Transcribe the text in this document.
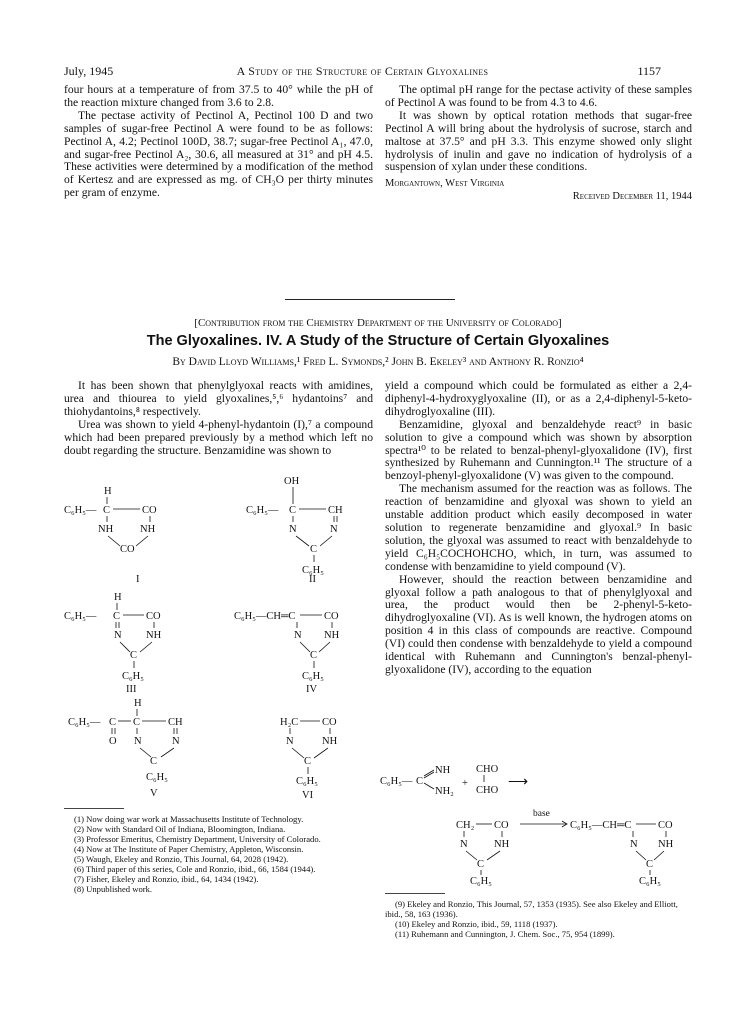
July, 1945	A Study of the Structure of Certain Glyoxalines	1157

four hours at a temperature of from 37.5 to 40° while the pH of the reaction mixture changed from 3.6 to 2.8.

The pectase activity of Pectinol A, Pectinol 100 D and two samples of sugar-free Pectinol A were found to be as follows: Pectinol A, 4.2; Pectinol 100D, 38.7; sugar-free Pectinol A₁, 47.0, and sugar-free Pectinol A₂, 30.6, all measured at 31° and pH 4.5. These activities were determined by a modification of the method of Kertesz and are expressed as mg. of CH₃O per thirty minutes per gram of enzyme.

The optimal pH range for the pectase activity of these samples of Pectinol A was found to be from 4.3 to 4.6.

It was shown by optical rotation methods that sugar-free Pectinol A will bring about the hydrolysis of sucrose, starch and maltose at 37.5° and pH 3.3. This enzyme showed only slight hydrolysis of inulin and gave no indication of hydrolysis of a suspension of xylan under these conditions.

Morgantown, West Virginia
Received December 11, 1944
[Contribution from the Chemistry Department of the University of Colorado]
The Glyoxalines. IV. A Study of the Structure of Certain Glyoxalines
By David Lloyd Williams,¹ Fred L. Symonds,² John B. Ekeley³ and Anthony R. Ronzio⁴

It has been shown that phenylglyoxal reacts with amidines, urea and thiourea to yield glyoxalines,⁵,⁶ hydantoins⁷ and thiohydantoins,⁸ respectively.

Urea was shown to yield 4-phenyl-hydantoin (I),⁷ a compound which had been prepared previously by a method which left no doubt regarding the structure. Benzamidine was shown to

yield a compound which could be formulated as either a 2,4-diphenyl-4-hydroxyglyoxaline (II), or as a 2,4-diphenyl-5-keto-dihydroglyoxaline (III).

Benzamidine, glyoxal and benzaldehyde react⁹ in basic solution to give a compound which was shown by absorption spectra¹⁰ to be related to benzal-phenyl-glyoxalidone (IV), first synthesized by Ruhemann and Cunnington.¹¹ The structure of a benzoyl-phenyl-glyoxalidone (V) was given to the compound.

The mechanism assumed for the reaction was as follows. The reaction of benzamidine and glyoxal was shown to yield an unstable addition product which easily decomposed in water solution to regenerate benzamidine and glyoxal.⁹ In basic solution, the glyoxal was assumed to react with benzaldehyde to yield C₆H₅COCHOHCHO, which, in turn, was assumed to condense with benzamidine to yield compound (V).

However, should the reaction between benzamidine and glyoxal follow a path analogous to that of phenylglyoxal and urea, the product would then be 2-phenyl-5-keto-dihydroglyoxaline (VI). As is well known, the hydrogen atoms on position 4 in this class of compounds are reactive. Compound (VI) could then condense with benzaldehyde to yield a compound identical with Ruhemann and Cunnington's benzal-phenyl-glyoxalidone (IV), according to the equation

H
C₆H₅— C	CO
NH	NH
CO
OH
C₆H₅— C	CH
N	N
C
C₆H₅
I	II
H
C₆H₅— C CO
N NH
C
C₆H₅
III
C₆H₅—CH═C	CO
N NH
C
C₆H₅
IV
H
C₆H₅— C C	CH
O N	N
C
C₆H₅
V
H₂C CO
N	NH
C
C₆H₅
VI
C₆H₅— C
NH
NH₂
+
CHO
CHO
⟶
CH₂ CO
N	NH
C
C₆H₅
base
C₆H₅—CH═C	CO
N NH
C
C₆H₅
(1) Now doing war work at Massachusetts Institute of Technology.
(2) Now with Standard Oil of Indiana, Bloomington, Indiana.
(3) Professor Emeritus, Chemistry Department, University of Colorado.
(4) Now at The Institute of Paper Chemistry, Appleton, Wisconsin.
(5) Waugh, Ekeley and Ronzio, This Journal, 64, 2028 (1942).
(6) Third paper of this series, Cole and Ronzio, ibid., 66, 1584 (1944).
(7) Fisher, Ekeley and Ronzio, ibid., 64, 1434 (1942).
(8) Unpublished work.
(9) Ekeley and Ronzio, This Journal, 57, 1353 (1935). See also Ekeley and Elliott, ibid., 58, 163 (1936).
(10) Ekeley and Ronzio, ibid., 59, 1118 (1937).
(11) Ruhemann and Cunnington, J. Chem. Soc., 75, 954 (1899).
